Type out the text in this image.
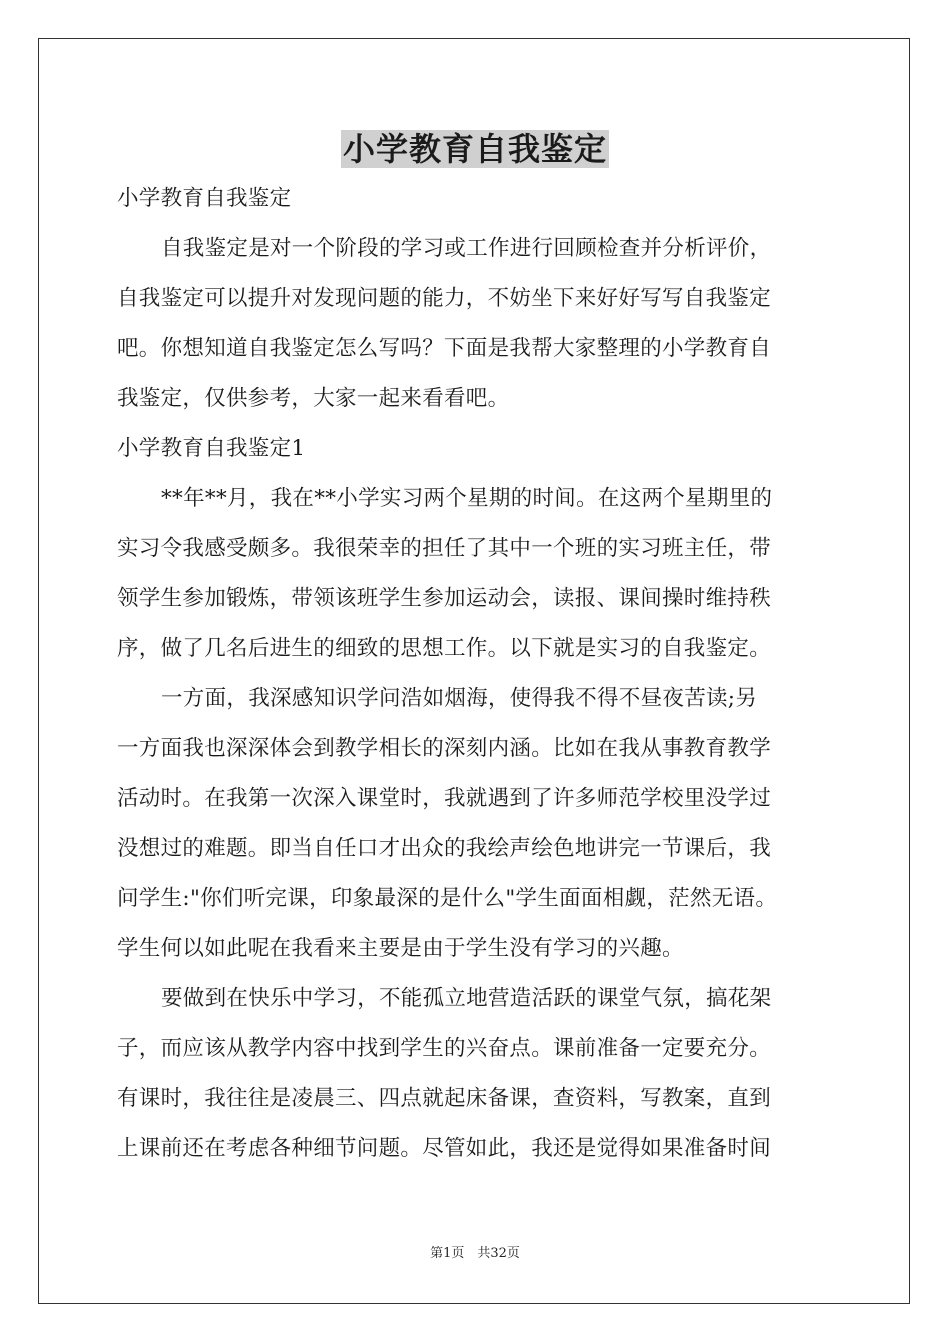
小学教育自我鉴定
小学教育自我鉴定
自我鉴定是对一个阶段的学习或工作进行回顾检查并分析评价，
自我鉴定可以提升对发现问题的能力，不妨坐下来好好写写自我鉴定
吧。你想知道自我鉴定怎么写吗？下面是我帮大家整理的小学教育自
我鉴定，仅供参考，大家一起来看看吧。
小学教育自我鉴定1
**年**月，我在**小学实习两个星期的时间。在这两个星期里的
实习令我感受颇多。我很荣幸的担任了其中一个班的实习班主任，带
领学生参加锻炼，带领该班学生参加运动会，读报、课间操时维持秩
序，做了几名后进生的细致的思想工作。以下就是实习的自我鉴定。
一方面，我深感知识学问浩如烟海，使得我不得不昼夜苦读;另
一方面我也深深体会到教学相长的深刻内涵。比如在我从事教育教学
活动时。在我第一次深入课堂时，我就遇到了许多师范学校里没学过
没想过的难题。即当自任口才出众的我绘声绘色地讲完一节课后，我
问学生:"你们听完课，印象最深的是什么"学生面面相觑，茫然无语。
学生何以如此呢在我看来主要是由于学生没有学习的兴趣。
要做到在快乐中学习，不能孤立地营造活跃的课堂气氛，搞花架
子，而应该从教学内容中找到学生的兴奋点。课前准备一定要充分。
有课时，我往往是凌晨三、四点就起床备课，查资料，写教案，直到
上课前还在考虑各种细节问题。尽管如此，我还是觉得如果准备时间
第1页　共32页
